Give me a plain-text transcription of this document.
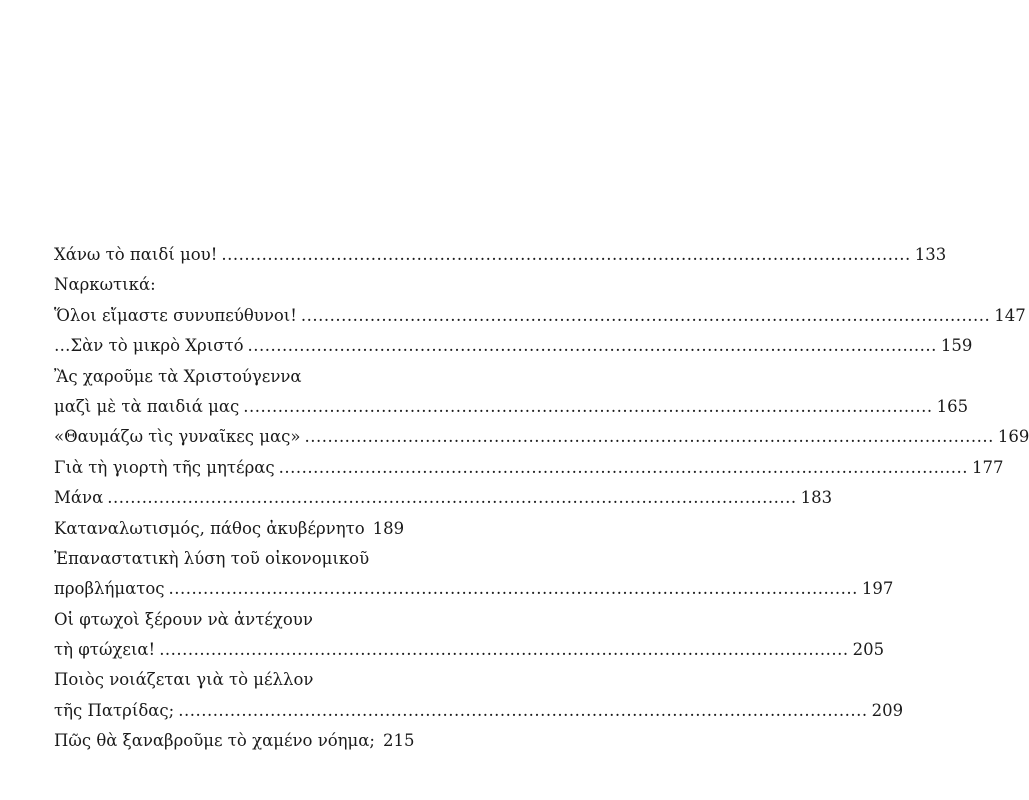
Χάνω τὸ παιδί μου! .....	133
Ναρκωτικά:
Ὅλοι εἴμαστε συνυπεύθυνοι! .....	147
…Σὰν τὸ μικρὸ Χριστό .....	159
Ἂς χαροῦμε τὰ Χριστούγεννα
μαζὶ μὲ τὰ παιδιά μας .....	165
«Θαυμάζω τὶς γυναῖκες μας» .....	169
Γιὰ τὴ γιορτὴ τῆς μητέρας .....	177
Μάνα .....	183
Καταναλωτισμός, πάθος ἀκυβέρνητο 189
Ἐπαναστατικὴ λύση τοῦ οἰκονομικοῦ
προβλήματος .....	197
Οἱ φτωχοὶ ξέρουν νὰ ἀντέχουν
τὴ φτώχεια! .....	205
Ποιὸς νοιάζεται γιὰ τὸ μέλλον
τῆς Πατρίδας; .....	209
Πῶς θὰ ξαναβροῦμε τὸ χαμένο νόημα; 215
